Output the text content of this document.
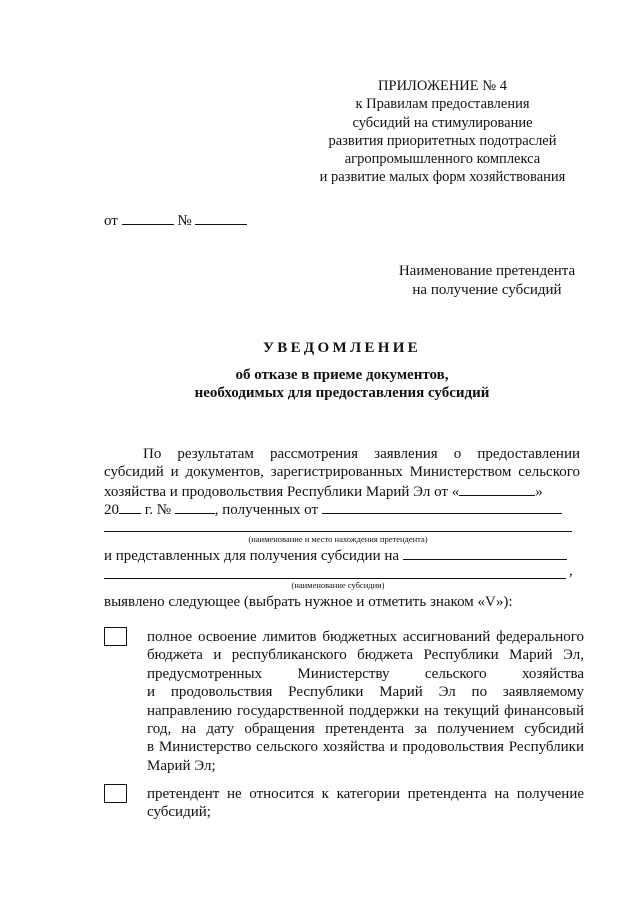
ПРИЛОЖЕНИЕ № 4
к Правилам предоставления
субсидий на стимулирование
развития приоритетных подотраслей
агропромышленного комплекса
и развитие малых форм хозяйствования
от	№
Наименование претендента
на получение субсидий
УВЕДОМЛЕНИЕ
об отказе в приеме документов,
необходимых для предоставления субсидий
По результатам рассмотрения заявления о предоставлении
субсидий и документов, зарегистрированных Министерством сельского
хозяйства и продовольствия Республики Марий Эл от «	»
20 г. №	, полученных от
(наименование и место нахождения претендента)
и представленных для получения субсидии на
,
(наименование субсидии)
выявлено следующее (выбрать нужное и отметить знаком «V»):
полное освоение лимитов бюджетных ассигнований федерального
бюджета и республиканского бюджета Республики Марий Эл,
предусмотренных Министерству сельского хозяйства
и продовольствия Республики Марий Эл по заявляемому
направлению государственной поддержки на текущий финансовый
год, на дату обращения претендента за получением субсидий
в Министерство сельского хозяйства и продовольствия Республики
Марий Эл;
претендент не относится к категории претендента на получение
субсидий;
